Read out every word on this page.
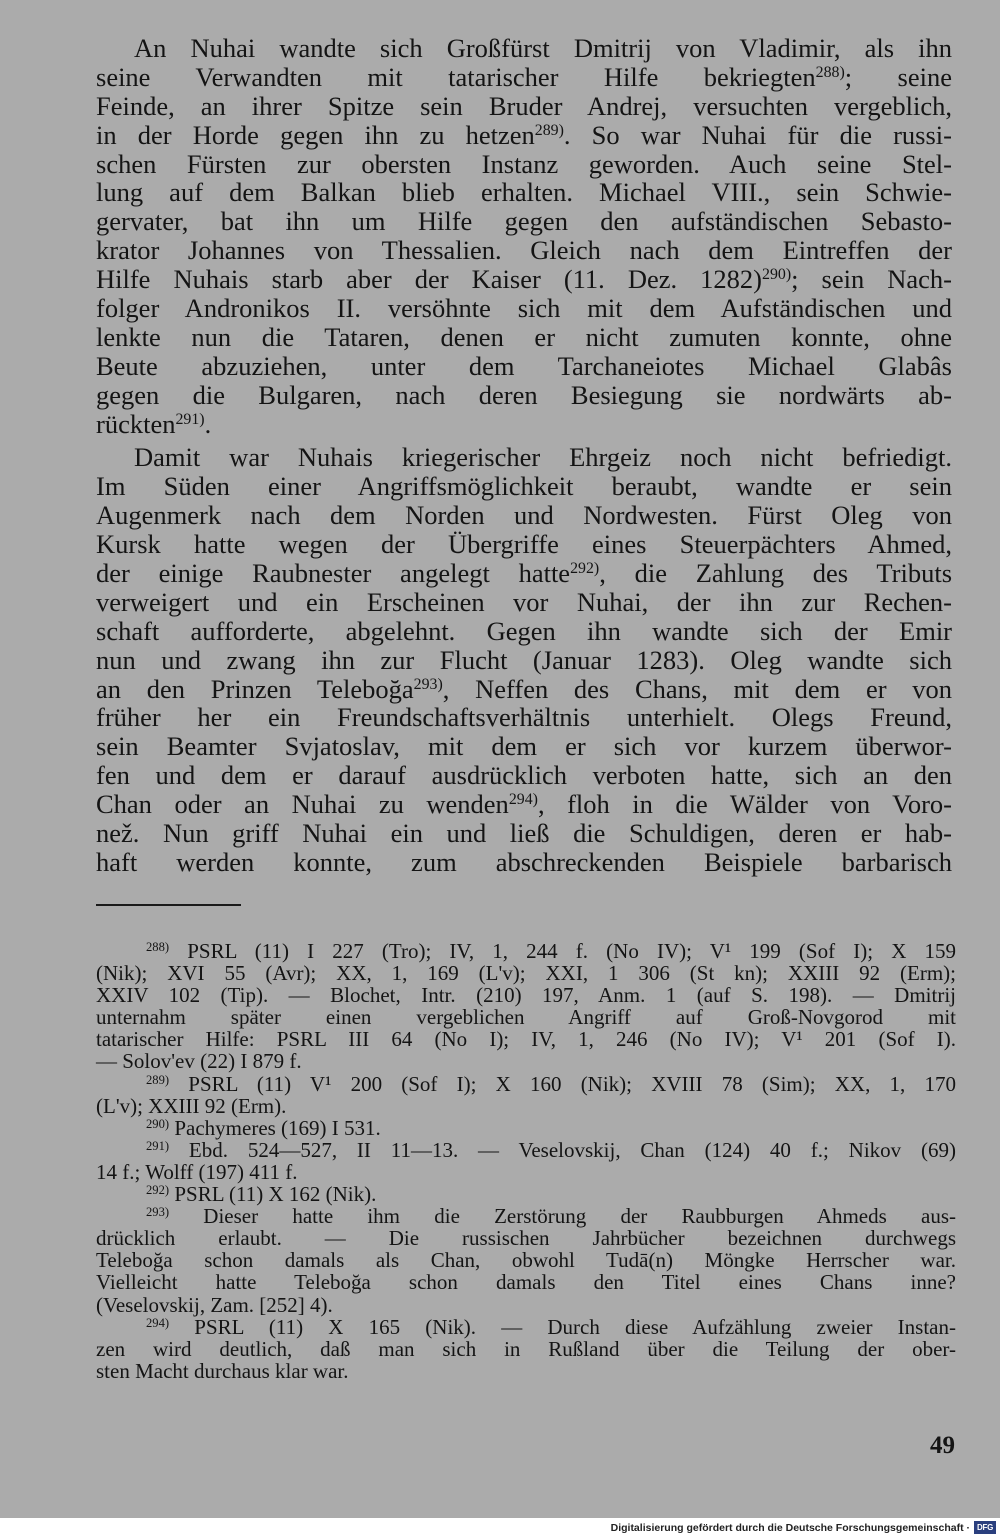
An Nuhai wandte sich Großfürst Dmitrij von Vladimir, als ihn
seine Verwandten mit tatarischer Hilfe bekriegten$^{288)}$; seine
Feinde, an ihrer Spitze sein Bruder Andrej, versuchten vergeblich,
in der Horde gegen ihn zu hetzen$^{289)}$. So war Nuhai für die russi-
schen Fürsten zur obersten Instanz geworden. Auch seine Stel-
lung auf dem Balkan blieb erhalten. Michael VIII., sein Schwie-
gervater, bat ihn um Hilfe gegen den aufständischen Sebasto-
krator Johannes von Thessalien. Gleich nach dem Eintreffen der
Hilfe Nuhais starb aber der Kaiser (11. Dez. 1282)$^{290)}$; sein Nach-
folger Andronikos II. versöhnte sich mit dem Aufständischen und
lenkte nun die Tataren, denen er nicht zumuten konnte, ohne
Beute abzuziehen, unter dem Tarchaneiotes Michael Glabâs
gegen die Bulgaren, nach deren Besiegung sie nordwärts ab-
rückten$^{291)}$.
Damit war Nuhais kriegerischer Ehrgeiz noch nicht befriedigt.
Im Süden einer Angriffsmöglichkeit beraubt, wandte er sein
Augenmerk nach dem Norden und Nordwesten. Fürst Oleg von
Kursk hatte wegen der Übergriffe eines Steuerpächters Ahmed,
der einige Raubnester angelegt hatte$^{292)}$, die Zahlung des Tributs
verweigert und ein Erscheinen vor Nuhai, der ihn zur Rechen-
schaft aufforderte, abgelehnt. Gegen ihn wandte sich der Emir
nun und zwang ihn zur Flucht (Januar 1283). Oleg wandte sich
an den Prinzen Teleboğa$^{293)}$, Neffen des Chans, mit dem er von
früher her ein Freundschaftsverhältnis unterhielt. Olegs Freund,
sein Beamter Svjatoslav, mit dem er sich vor kurzem überwor-
fen und dem er darauf ausdrücklich verboten hatte, sich an den
Chan oder an Nuhai zu wenden$^{294)}$, floh in die Wälder von Voro-
než. Nun griff Nuhai ein und ließ die Schuldigen, deren er hab-
haft werden konnte, zum abschreckenden Beispiele barbarisch
$^{288)}$ PSRL (11) I 227 (Tro); IV, 1, 244 f. (No IV); V¹ 199 (Sof I); X 159
(Nik); XVI 55 (Avr); XX, 1, 169 (L'v); XXI, 1 306 (St kn); XXIII 92 (Erm);
XXIV 102 (Tip). — Blochet, Intr. (210) 197, Anm. 1 (auf S. 198). — Dmitrij
unternahm später einen vergeblichen Angriff auf Groß-Novgorod mit
tatarischer Hilfe: PSRL III 64 (No I); IV, 1, 246 (No IV); V¹ 201 (Sof I).
— Solov'ev (22) I 879 f.
$^{289)}$ PSRL (11) V¹ 200 (Sof I); X 160 (Nik); XVIII 78 (Sim); XX, 1, 170
(L'v); XXIII 92 (Erm).
$^{290)}$ Pachymeres (169) I 531.
$^{291)}$ Ebd. 524—527, II 11—13. — Veselovskij, Chan (124) 40 f.; Nikov (69)
14 f.; Wolff (197) 411 f.
$^{292)}$ PSRL (11) X 162 (Nik).
$^{293)}$ Dieser hatte ihm die Zerstörung der Raubburgen Ahmeds aus-
drücklich erlaubt. — Die russischen Jahrbücher bezeichnen durchwegs
Teleboğa schon damals als Chan, obwohl Tudā(n) Möngke Herrscher war.
Vielleicht hatte Teleboğa schon damals den Titel eines Chans inne?
(Veselovskij, Zam. [252] 4).
$^{294)}$ PSRL (11) X 165 (Nik). — Durch diese Aufzählung zweier Instan-
zen wird deutlich, daß man sich in Rußland über die Teilung der ober-
sten Macht durchaus klar war.
49
Digitalisierung gefördert durch die Deutsche Forschungsgemeinschaft · DFG
